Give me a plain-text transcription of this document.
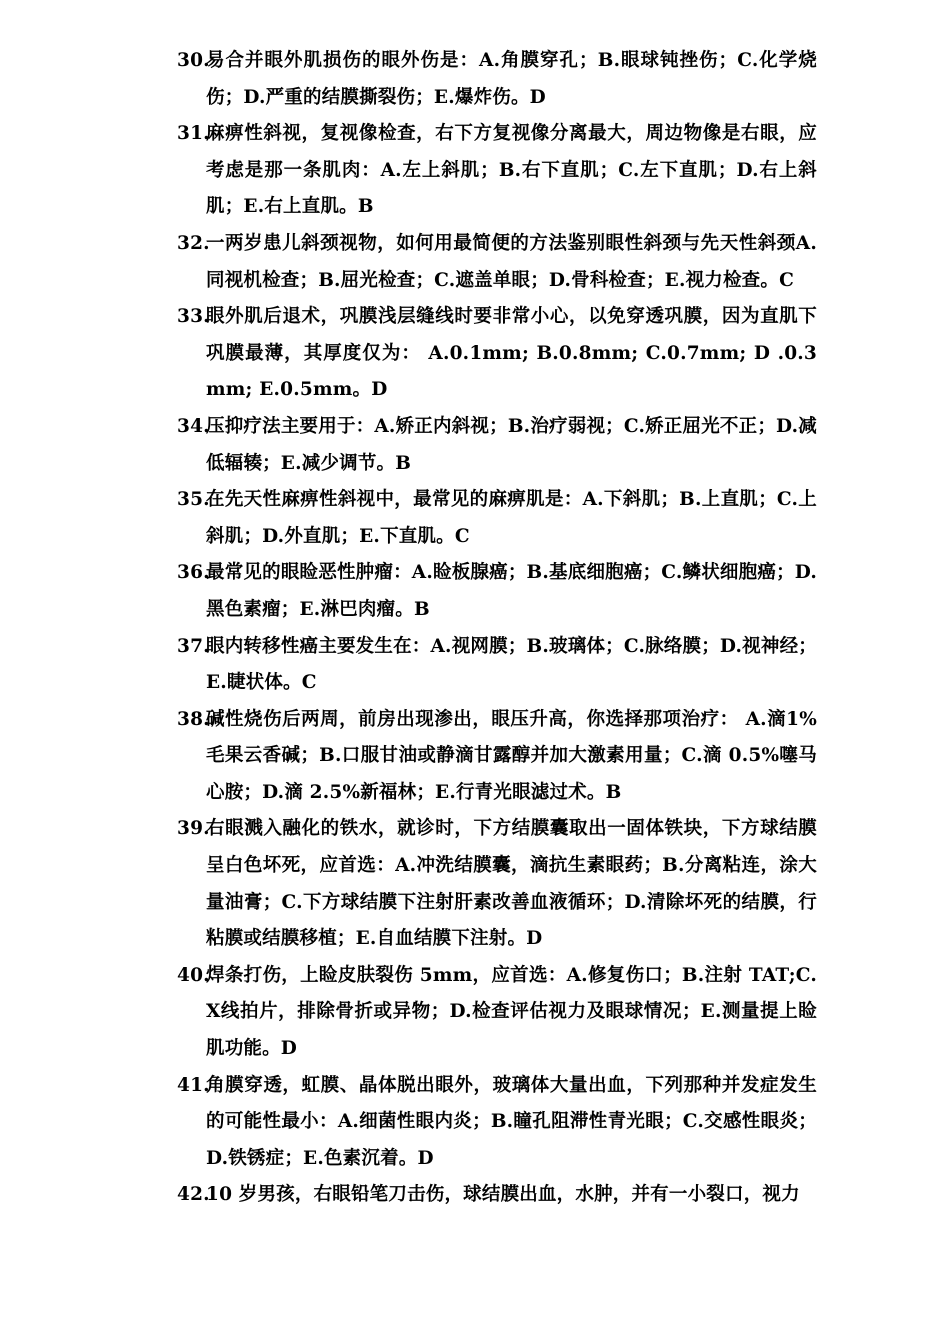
30.
易合并眼外肌损伤的眼外伤是：A.角膜穿孔；B.眼球钝挫伤；C.化学烧伤；D.严重的结膜撕裂伤；E.爆炸伤。D
31.
麻痹性斜视，复视像检查，右下方复视像分离最大，周边物像是右眼，应考虑是那一条肌肉：A.左上斜肌；B.右下直肌；C.左下直肌；D.右上斜肌；E.右上直肌。B
32.
一两岁患儿斜颈视物，如何用最简便的方法鉴别眼性斜颈与先天性斜颈A.同视机检查；B.屈光检查；C.遮盖单眼；D.骨科检查；E.视力检查。C
33.
眼外肌后退术，巩膜浅层缝线时要非常小心，以免穿透巩膜，因为直肌下巩膜最薄，其厚度仅为： A.0.1mm; B.0.8mm; C.0.7mm; D .0.3mm; E.0.5mm。D
34.
压抑疗法主要用于：A.矫正内斜视；B.治疗弱视；C.矫正屈光不正；D.减低辐辏；E.减少调节。B
35.
在先天性麻痹性斜视中，最常见的麻痹肌是：A.下斜肌；B.上直肌；C.上斜肌；D.外直肌；E.下直肌。C
36.
最常见的眼睑恶性肿瘤：A.睑板腺癌；B.基底细胞癌；C.鳞状细胞癌；D.黑色素瘤；E.淋巴肉瘤。B
37.
眼内转移性癌主要发生在：A.视网膜；B.玻璃体；C.脉络膜；D.视神经；E.睫状体。C
38.
碱性烧伤后两周，前房出现渗出，眼压升高，你选择那项治疗： A.滴1%毛果云香碱；B.口服甘油或静滴甘露醇并加大激素用量；C.滴 0.5%噻马心胺；D.滴 2.5%新福林；E.行青光眼滤过术。B
39.
右眼溅入融化的铁水，就诊时，下方结膜囊取出一固体铁块，下方球结膜呈白色坏死，应首选：A.冲洗结膜囊，滴抗生素眼药；B.分离粘连，涂大量油膏；C.下方球结膜下注射肝素改善血液循环；D.清除坏死的结膜，行粘膜或结膜移植；E.自血结膜下注射。D
40.
焊条打伤，上睑皮肤裂伤 5mm，应首选：A.修复伤口；B.注射 TAT;C.X线拍片，排除骨折或异物；D.检查评估视力及眼球情况；E.测量提上睑肌功能。D
41.
角膜穿透，虹膜、晶体脱出眼外，玻璃体大量出血，下列那种并发症发生的可能性最小：A.细菌性眼内炎；B.瞳孔阻滞性青光眼；C.交感性眼炎；D.铁锈症；E.色素沉着。D
42.
10 岁男孩，右眼铅笔刀击伤，球结膜出血，水肿，并有一小裂口，视力
